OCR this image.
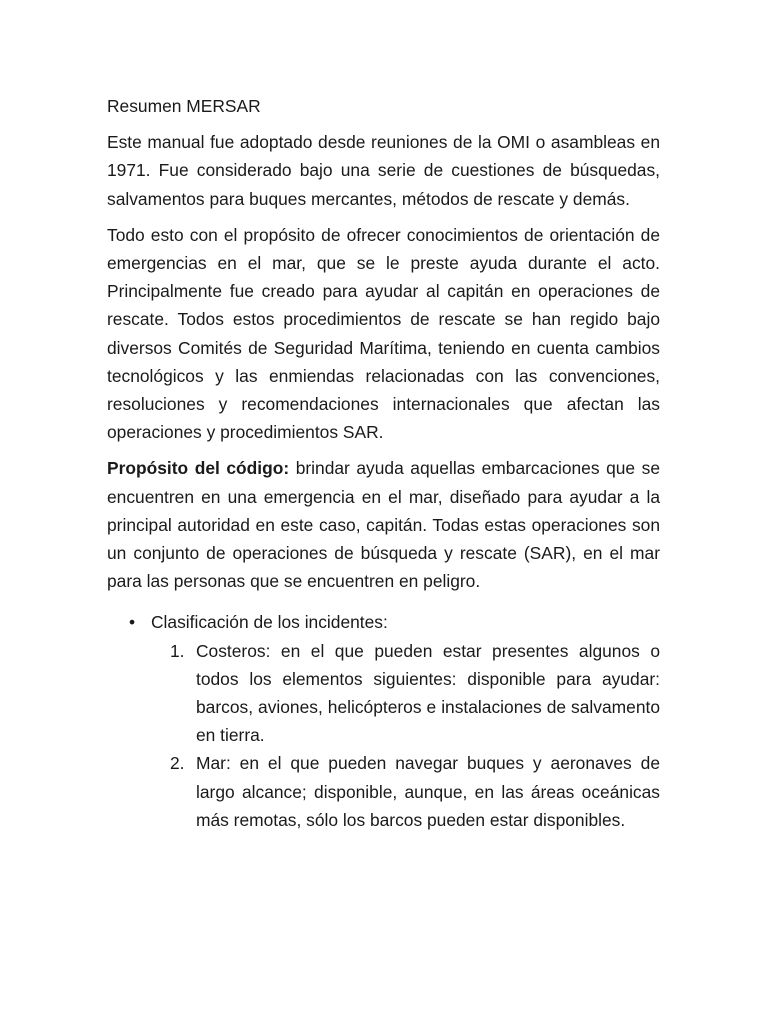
Resumen MERSAR

Este manual fue adoptado desde reuniones de la OMI o asambleas en 1971. Fue considerado bajo una serie de cuestiones de búsquedas, salvamentos para buques mercantes, métodos de rescate y demás.

Todo esto con el propósito de ofrecer conocimientos de orientación de emergencias en el mar, que se le preste ayuda durante el acto. Principalmente fue creado para ayudar al capitán en operaciones de rescate. Todos estos procedimientos de rescate se han regido bajo diversos Comités de Seguridad Marítima, teniendo en cuenta cambios tecnológicos y las enmiendas relacionadas con las convenciones, resoluciones y recomendaciones internacionales que afectan las operaciones y procedimientos SAR.

Propósito del código: brindar ayuda aquellas embarcaciones que se encuentren en una emergencia en el mar, diseñado para ayudar a la principal autoridad en este caso, capitán. Todas estas operaciones son un conjunto de operaciones de búsqueda y rescate (SAR), en el mar para las personas que se encuentren en peligro.

• Clasificación de los incidentes:
1. Costeros: en el que pueden estar presentes algunos o todos los elementos siguientes: disponible para ayudar: barcos, aviones, helicópteros e instalaciones de salvamento en tierra.
2. Mar: en el que pueden navegar buques y aeronaves de largo alcance; disponible, aunque, en las áreas oceánicas más remotas, sólo los barcos pueden estar disponibles.
